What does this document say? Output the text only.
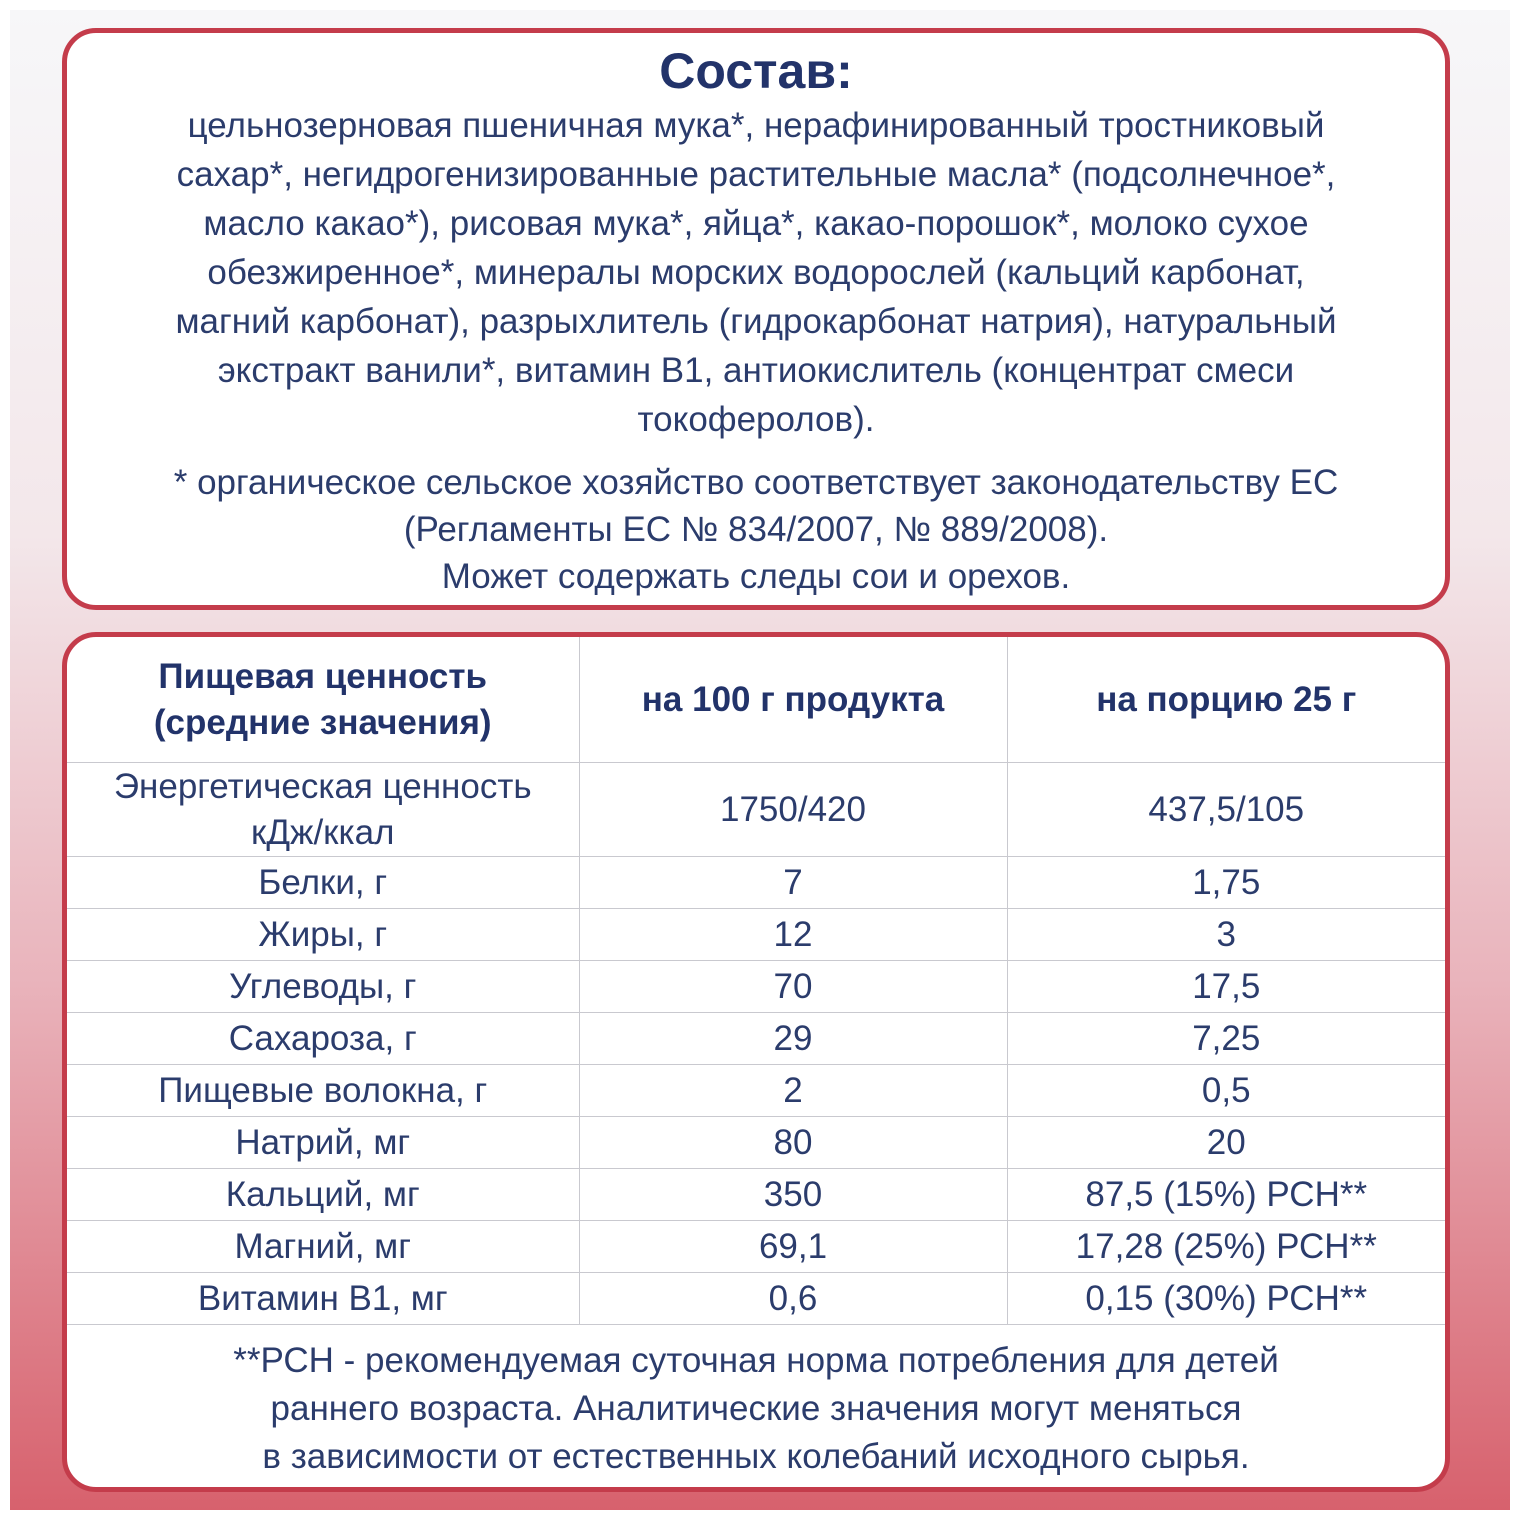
Состав:
цельнозерновая пшеничная мука*, нерафинированный тростниковый
сахар*, негидрогенизированные растительные масла* (подсолнечное*,
масло какао*), рисовая мука*, яйца*, какао-порошок*, молоко сухое
обезжиренное*, минералы морских водорослей (кальций карбонат,
магний карбонат), разрыхлитель (гидрокарбонат натрия), натуральный
экстракт ванили*, витамин В1, антиокислитель (концентрат смеси
токоферолов).
* органическое сельское хозяйство соответствует законодательству ЕС
(Регламенты ЕС № 834/2007, № 889/2008).
Может содержать следы сои и орехов.
Пищевая ценность
(средние значения)	на 100 г продукта	на порцию 25 г

Энергетическая ценность
кДж/ккал	1750/420	437,5/105
Белки, г	7	1,75
Жиры, г	12	3
Углеводы, г	70	17,5
Сахароза, г	29	7,25
Пищевые волокна, г	2	0,5
Натрий, мг	80	20
Кальций, мг	350	87,5 (15%) РСН**
Магний, мг	69,1	17,28 (25%) РСН**
Витамин В1, мг	0,6	0,15 (30%) РСН**
**РСН - рекомендуемая суточная норма потребления для детей
раннего возраста. Аналитические значения могут меняться
в зависимости от естественных колебаний исходного сырья.
